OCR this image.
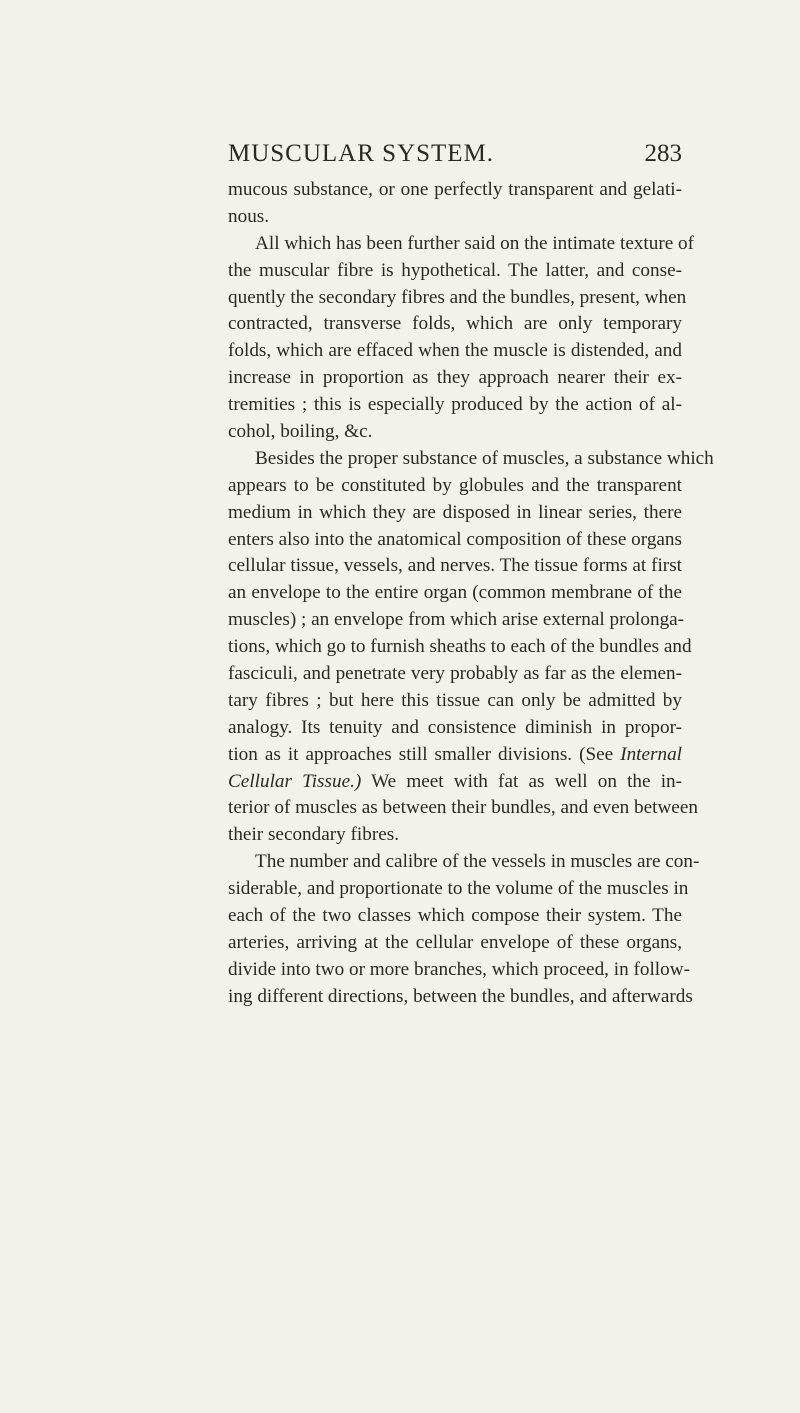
MUSCULAR SYSTEM.	283
mucous substance, or one perfectly transparent and gelati-
nous.
All which has been further said on the intimate texture of
the muscular fibre is hypothetical. The latter, and conse-
quently the secondary fibres and the bundles, present, when
contracted, transverse folds, which are only temporary
folds, which are effaced when the muscle is distended, and
increase in proportion as they approach nearer their ex-
tremities ; this is especially produced by the action of al-
cohol, boiling, &c.
Besides the proper substance of muscles, a substance which
appears to be constituted by globules and the transparent
medium in which they are disposed in linear series, there
enters also into the anatomical composition of these organs
cellular tissue, vessels, and nerves. The tissue forms at first
an envelope to the entire organ (common membrane of the
muscles) ; an envelope from which arise external prolonga-
tions, which go to furnish sheaths to each of the bundles and
fasciculi, and penetrate very probably as far as the elemen-
tary fibres ; but here this tissue can only be admitted by
analogy. Its tenuity and consistence diminish in propor-
tion as it approaches still smaller divisions. (See Internal
Cellular Tissue.) We meet with fat as well on the in-
terior of muscles as between their bundles, and even between
their secondary fibres.
The number and calibre of the vessels in muscles are con-
siderable, and proportionate to the volume of the muscles in
each of the two classes which compose their system. The
arteries, arriving at the cellular envelope of these organs,
divide into two or more branches, which proceed, in follow-
ing different directions, between the bundles, and afterwards
